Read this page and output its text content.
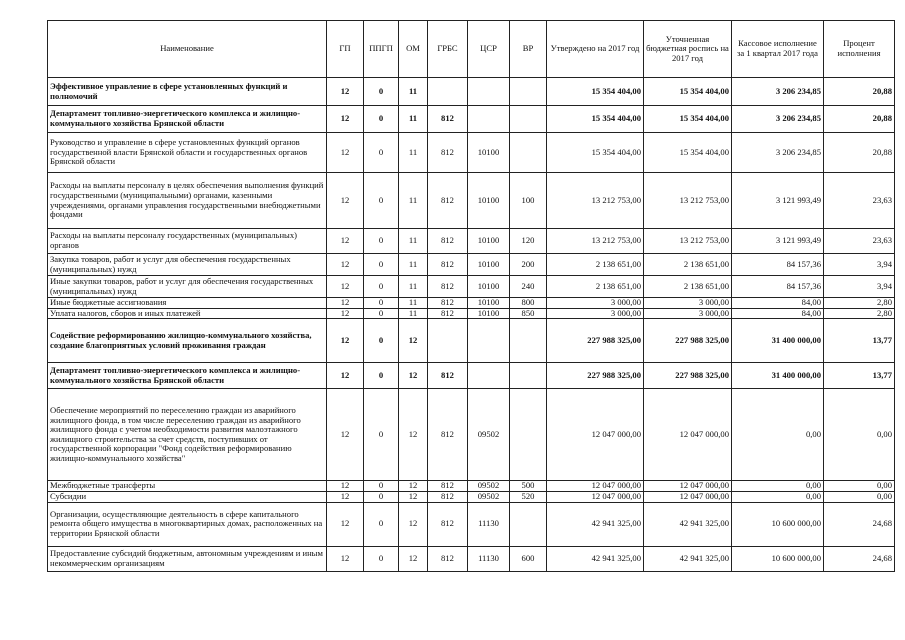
Наименование	ГП	ППГП	ОМ	ГРБС	ЦСР	ВР	Утверждено на 2017 год	Уточненная бюджетная роспись на 2017 год	Кассовое исполнение за 1 квартал 2017 года	Процент исполнения
Эффективное управление в сфере установленных функций и полномочий	12	0	11				15 354 404,00	15 354 404,00	3 206 234,85	20,88
Департамент топливно-энергетического комплекса и жилищно-коммунального хозяйства Брянской области	12	0	11	812			15 354 404,00	15 354 404,00	3 206 234,85	20,88
Руководство и управление в сфере установленных функций органов государственной власти Брянской области и государственных органов Брянской области	12	0	11	812	10100		15 354 404,00	15 354 404,00	3 206 234,85	20,88
Расходы на выплаты персоналу в целях обеспечения выполнения функций государственными (муниципальными) органами, казенными учреждениями, органами управления государственными внебюджетными фондами	12	0	11	812	10100	100	13 212 753,00	13 212 753,00	3 121 993,49	23,63
Расходы на выплаты персоналу государственных (муниципальных) органов	12	0	11	812	10100	120	13 212 753,00	13 212 753,00	3 121 993,49	23,63
Закупка товаров, работ и услуг для обеспечения государственных (муниципальных) нужд	12	0	11	812	10100	200	2 138 651,00	2 138 651,00	84 157,36	3,94
Иные закупки товаров, работ и услуг для обеспечения государственных (муниципальных) нужд	12	0	11	812	10100	240	2 138 651,00	2 138 651,00	84 157,36	3,94
Иные бюджетные ассигнования	12	0	11	812	10100	800	3 000,00	3 000,00	84,00	2,80
Уплата налогов, сборов и иных платежей	12	0	11	812	10100	850	3 000,00	3 000,00	84,00	2,80
Содействие реформированию жилищно-коммунального хозяйства, создание благоприятных условий проживания граждан	12	0	12				227 988 325,00	227 988 325,00	31 400 000,00	13,77
Департамент топливно-энергетического комплекса и жилищно-коммунального хозяйства Брянской области	12	0	12	812			227 988 325,00	227 988 325,00	31 400 000,00	13,77
Обеспечение мероприятий по переселению граждан из аварийного жилищного фонда, в том числе переселению граждан из аварийного жилищного фонда с учетом необходимости развития малоэтажного жилищного строительства за счет средств, поступивших от государственной корпорации "Фонд содействия реформированию жилищно-коммунального хозяйства"	12	0	12	812	09502		12 047 000,00	12 047 000,00	0,00	0,00
Межбюджетные трансферты	12	0	12	812	09502	500	12 047 000,00	12 047 000,00	0,00	0,00
Субсидии	12	0	12	812	09502	520	12 047 000,00	12 047 000,00	0,00	0,00
Организации, осуществляющие деятельность в сфере капитального ремонта общего имущества в многоквартирных домах, расположенных на территории Брянской области	12	0	12	812	11130		42 941 325,00	42 941 325,00	10 600 000,00	24,68
Предоставление субсидий бюджетным, автономным учреждениям и иным некоммерческим организациям	12	0	12	812	11130	600	42 941 325,00	42 941 325,00	10 600 000,00	24,68
